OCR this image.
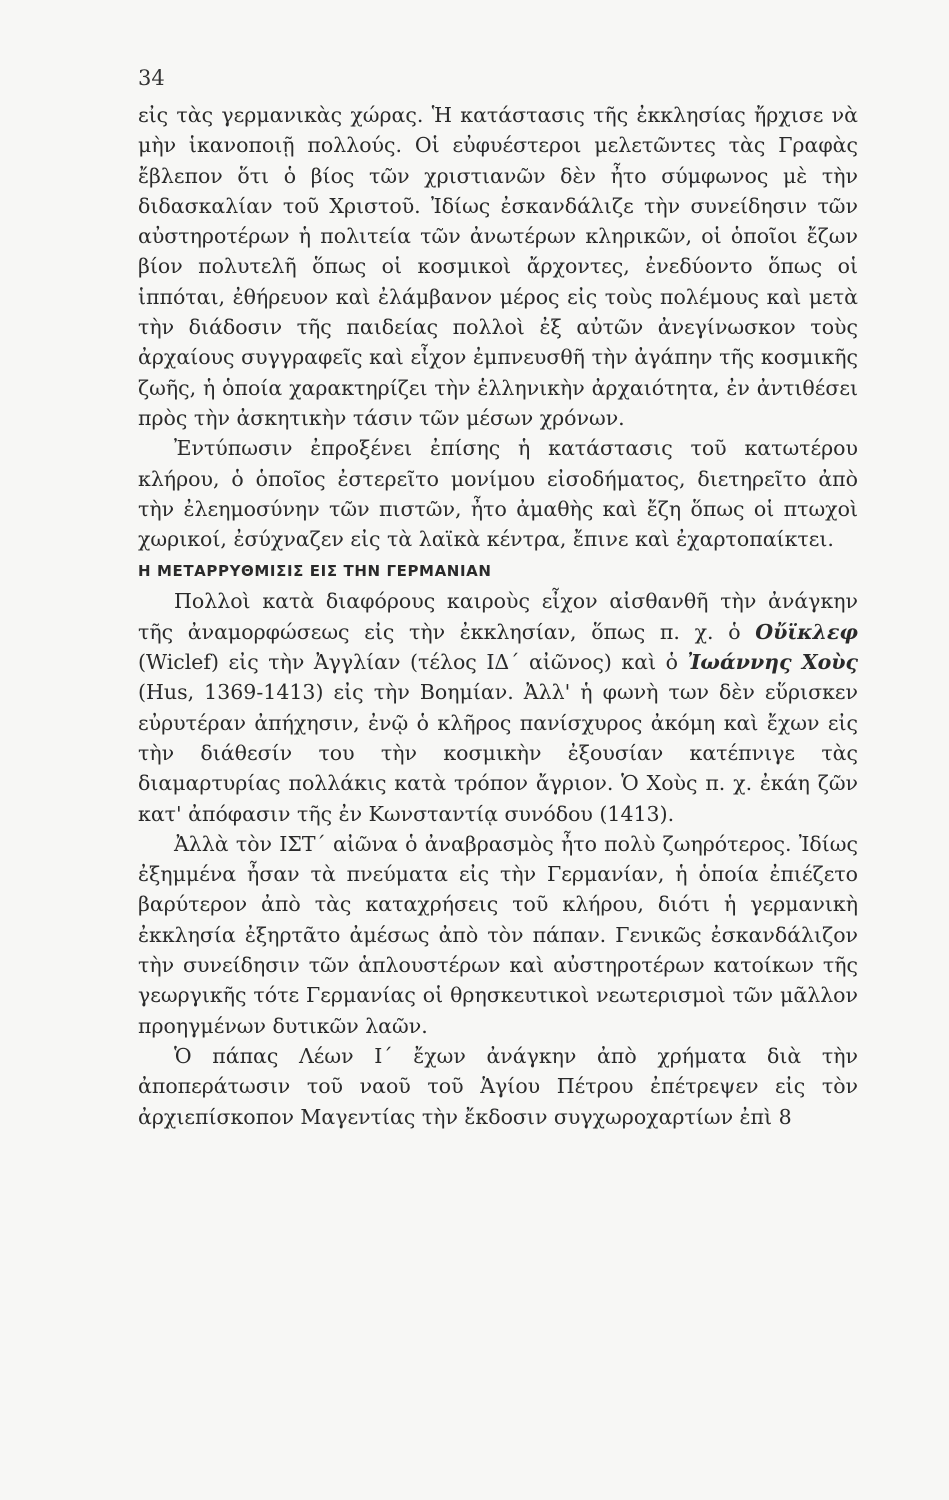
34

εἰς τὰς γερμανικὰς χώρας. Ἡ κατάστασις τῆς ἐκκλησίας ἤρχισε νὰ μὴν ἱκανοποιῇ πολλούς. Οἱ εὐφυέστεροι μελετῶντες τὰς Γραφὰς ἔβλεπον ὅτι ὁ βίος τῶν χριστιανῶν δὲν ἦτο σύμφωνος μὲ τὴν διδασκαλίαν τοῦ Χριστοῦ. Ἰδίως ἐσκανδάλιζε τὴν συνείδησιν τῶν αὐστηροτέρων ἡ πολιτεία τῶν ἀνωτέρων κληρικῶν, οἱ ὁποῖοι ἔζων βίον πολυτελῆ ὅπως οἱ κοσμικοὶ ἄρχοντες, ἐνεδύοντο ὅπως οἱ ἱππόται, ἐθήρευον καὶ ἐλάμβανον μέρος εἰς τοὺς πολέμους καὶ μετὰ τὴν διάδοσιν τῆς παιδείας πολλοὶ ἐξ αὐτῶν ἀνεγίνωσκον τοὺς ἀρχαίους συγγραφεῖς καὶ εἶχον ἐμπνευσθῆ τὴν ἀγάπην τῆς κοσμικῆς ζωῆς, ἡ ὁποία χαρακτηρίζει τὴν ἑλληνικὴν ἀρχαιότητα, ἐν ἀντιθέσει πρὸς τὴν ἀσκητικὴν τάσιν τῶν μέσων χρόνων.

Ἐντύπωσιν ἐπροξένει ἐπίσης ἡ κατάστασις τοῦ κατωτέρου κλήρου, ὁ ὁποῖος ἐστερεῖτο μονίμου εἰσοδήματος, διετηρεῖτο ἀπὸ τὴν ἐλεημοσύνην τῶν πιστῶν, ἦτο ἀμαθὴς καὶ ἔζη ὅπως οἱ πτωχοὶ χωρικοί, ἐσύχναζεν εἰς τὰ λαϊκὰ κέντρα, ἔπινε καὶ ἐχαρτοπαίκτει.

Η ΜΕΤΑΡΡΥΘΜΙΣΙΣ ΕΙΣ ΤΗΝ ΓΕΡΜΑΝΙΑΝ

Πολλοὶ κατὰ διαφόρους καιροὺς εἶχον αἰσθανθῆ τὴν ἀνάγκην τῆς ἀναμορφώσεως εἰς τὴν ἐκκλησίαν, ὅπως π. χ. ὁ Οὔϊκλεφ (Wiclef) εἰς τὴν Ἀγγλίαν (τέλος ΙΔ΄ αἰῶνος) καὶ ὁ Ἰωάννης Χοὺς (Hus, 1369-1413) εἰς τὴν Βοημίαν. Ἀλλ' ἡ φωνὴ των δὲν εὕρισκεν εὐρυτέραν ἀπήχησιν, ἐνῷ ὁ κλῆρος πανίσχυρος ἀκόμη καὶ ἔχων εἰς τὴν διάθεσίν του τὴν κοσμικὴν ἐξουσίαν κατέπνιγε τὰς διαμαρτυρίας πολλάκις κατὰ τρόπον ἄγριον. Ὁ Χοὺς π. χ. ἐκάη ζῶν κατ' ἀπόφασιν τῆς ἐν Κωνσταντίᾳ συνόδου (1413).

Ἀλλὰ τὸν ΙΣΤ΄ αἰῶνα ὁ ἀναβρασμὸς ἦτο πολὺ ζωηρότερος. Ἰδίως ἐξημμένα ἦσαν τὰ πνεύματα εἰς τὴν Γερμανίαν, ἡ ὁποία ἐπιέζετο βαρύτερον ἀπὸ τὰς καταχρήσεις τοῦ κλήρου, διότι ἡ γερμανικὴ ἐκκλησία ἐξηρτᾶτο ἀμέσως ἀπὸ τὸν πάπαν. Γενικῶς ἐσκανδάλιζον τὴν συνείδησιν τῶν ἁπλουστέρων καὶ αὐστηροτέρων κατοίκων τῆς γεωργικῆς τότε Γερμανίας οἱ θρησκευτικοὶ νεωτερισμοὶ τῶν μᾶλλον προηγμένων δυτικῶν λαῶν.

Ὁ πάπας Λέων Ι΄ ἔχων ἀνάγκην ἀπὸ χρήματα διὰ τὴν ἀποπεράτωσιν τοῦ ναοῦ τοῦ Ἁγίου Πέτρου ἐπέτρεψεν εἰς τὸν ἀρχιεπίσκοπον Μαγεντίας τὴν ἔκδοσιν συγχωροχαρτίων ἐπὶ 8
